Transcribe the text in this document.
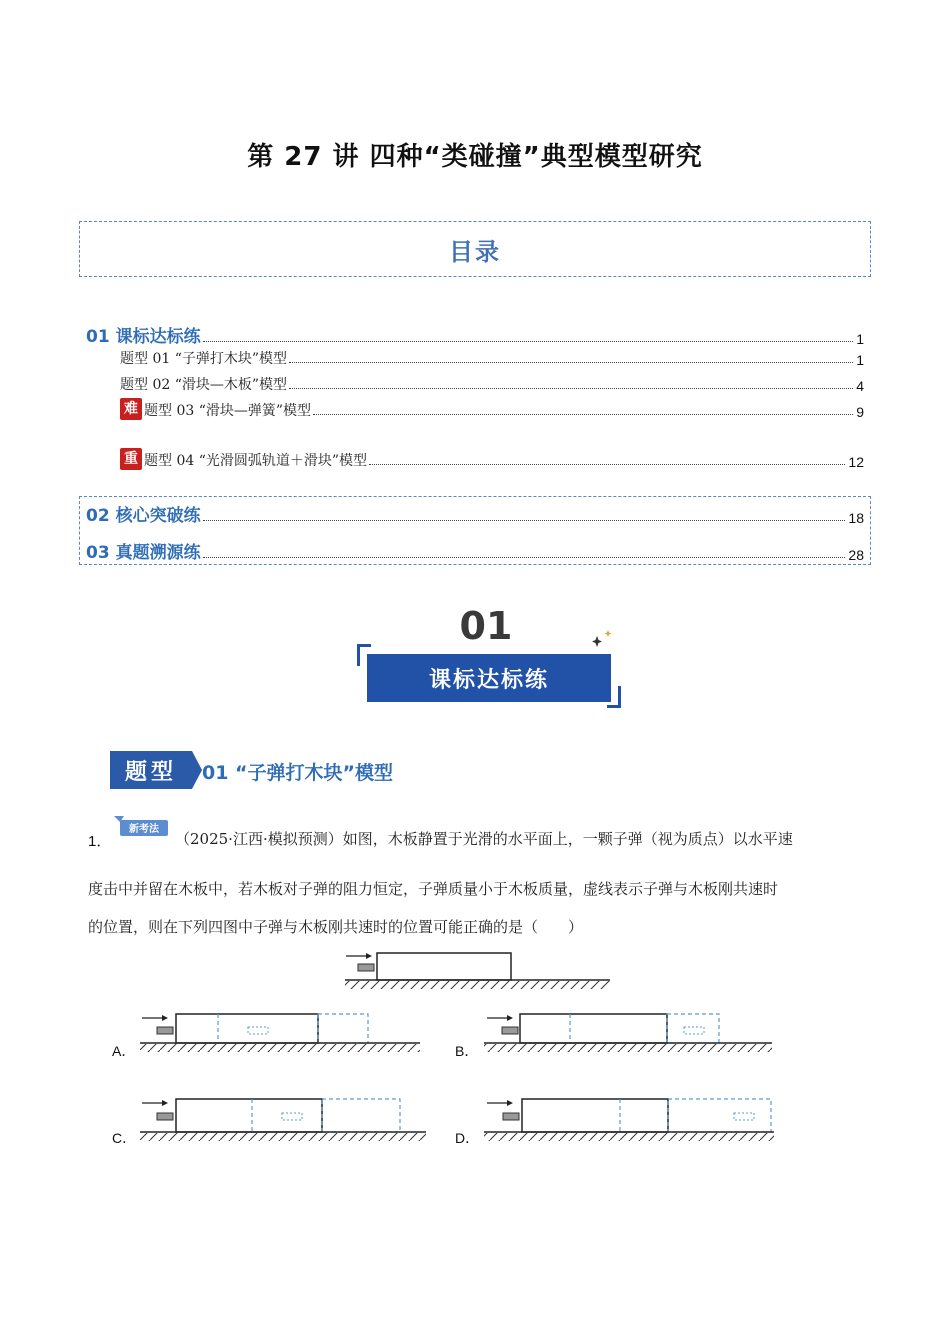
第 27 讲 四种“类碰撞”典型模型研究
目录
01 课标达标练	1
题型 01 “子弹打木块”模型	1
题型 02 “滑块—木板”模型	4
难 题型 03 “滑块—弹簧”模型	9
重 题型 04 “光滑圆弧轨道＋滑块”模型	12
02 核心突破练	18
03 真题溯源练	28
01
课标达标练
题型	01 “子弹打木块”模型
1．
新考法
（2025·江西·模拟预测）如图，木板静置于光滑的水平面上，一颗子弹（视为质点）以水平速
度击中并留在木板中，若木板对子弹的阻力恒定，子弹质量小于木板质量，虚线表示子弹与木板刚共速时
的位置，则在下列四图中子弹与木板刚共速时的位置可能正确的是（　　）
A．	B．
C．	D．
